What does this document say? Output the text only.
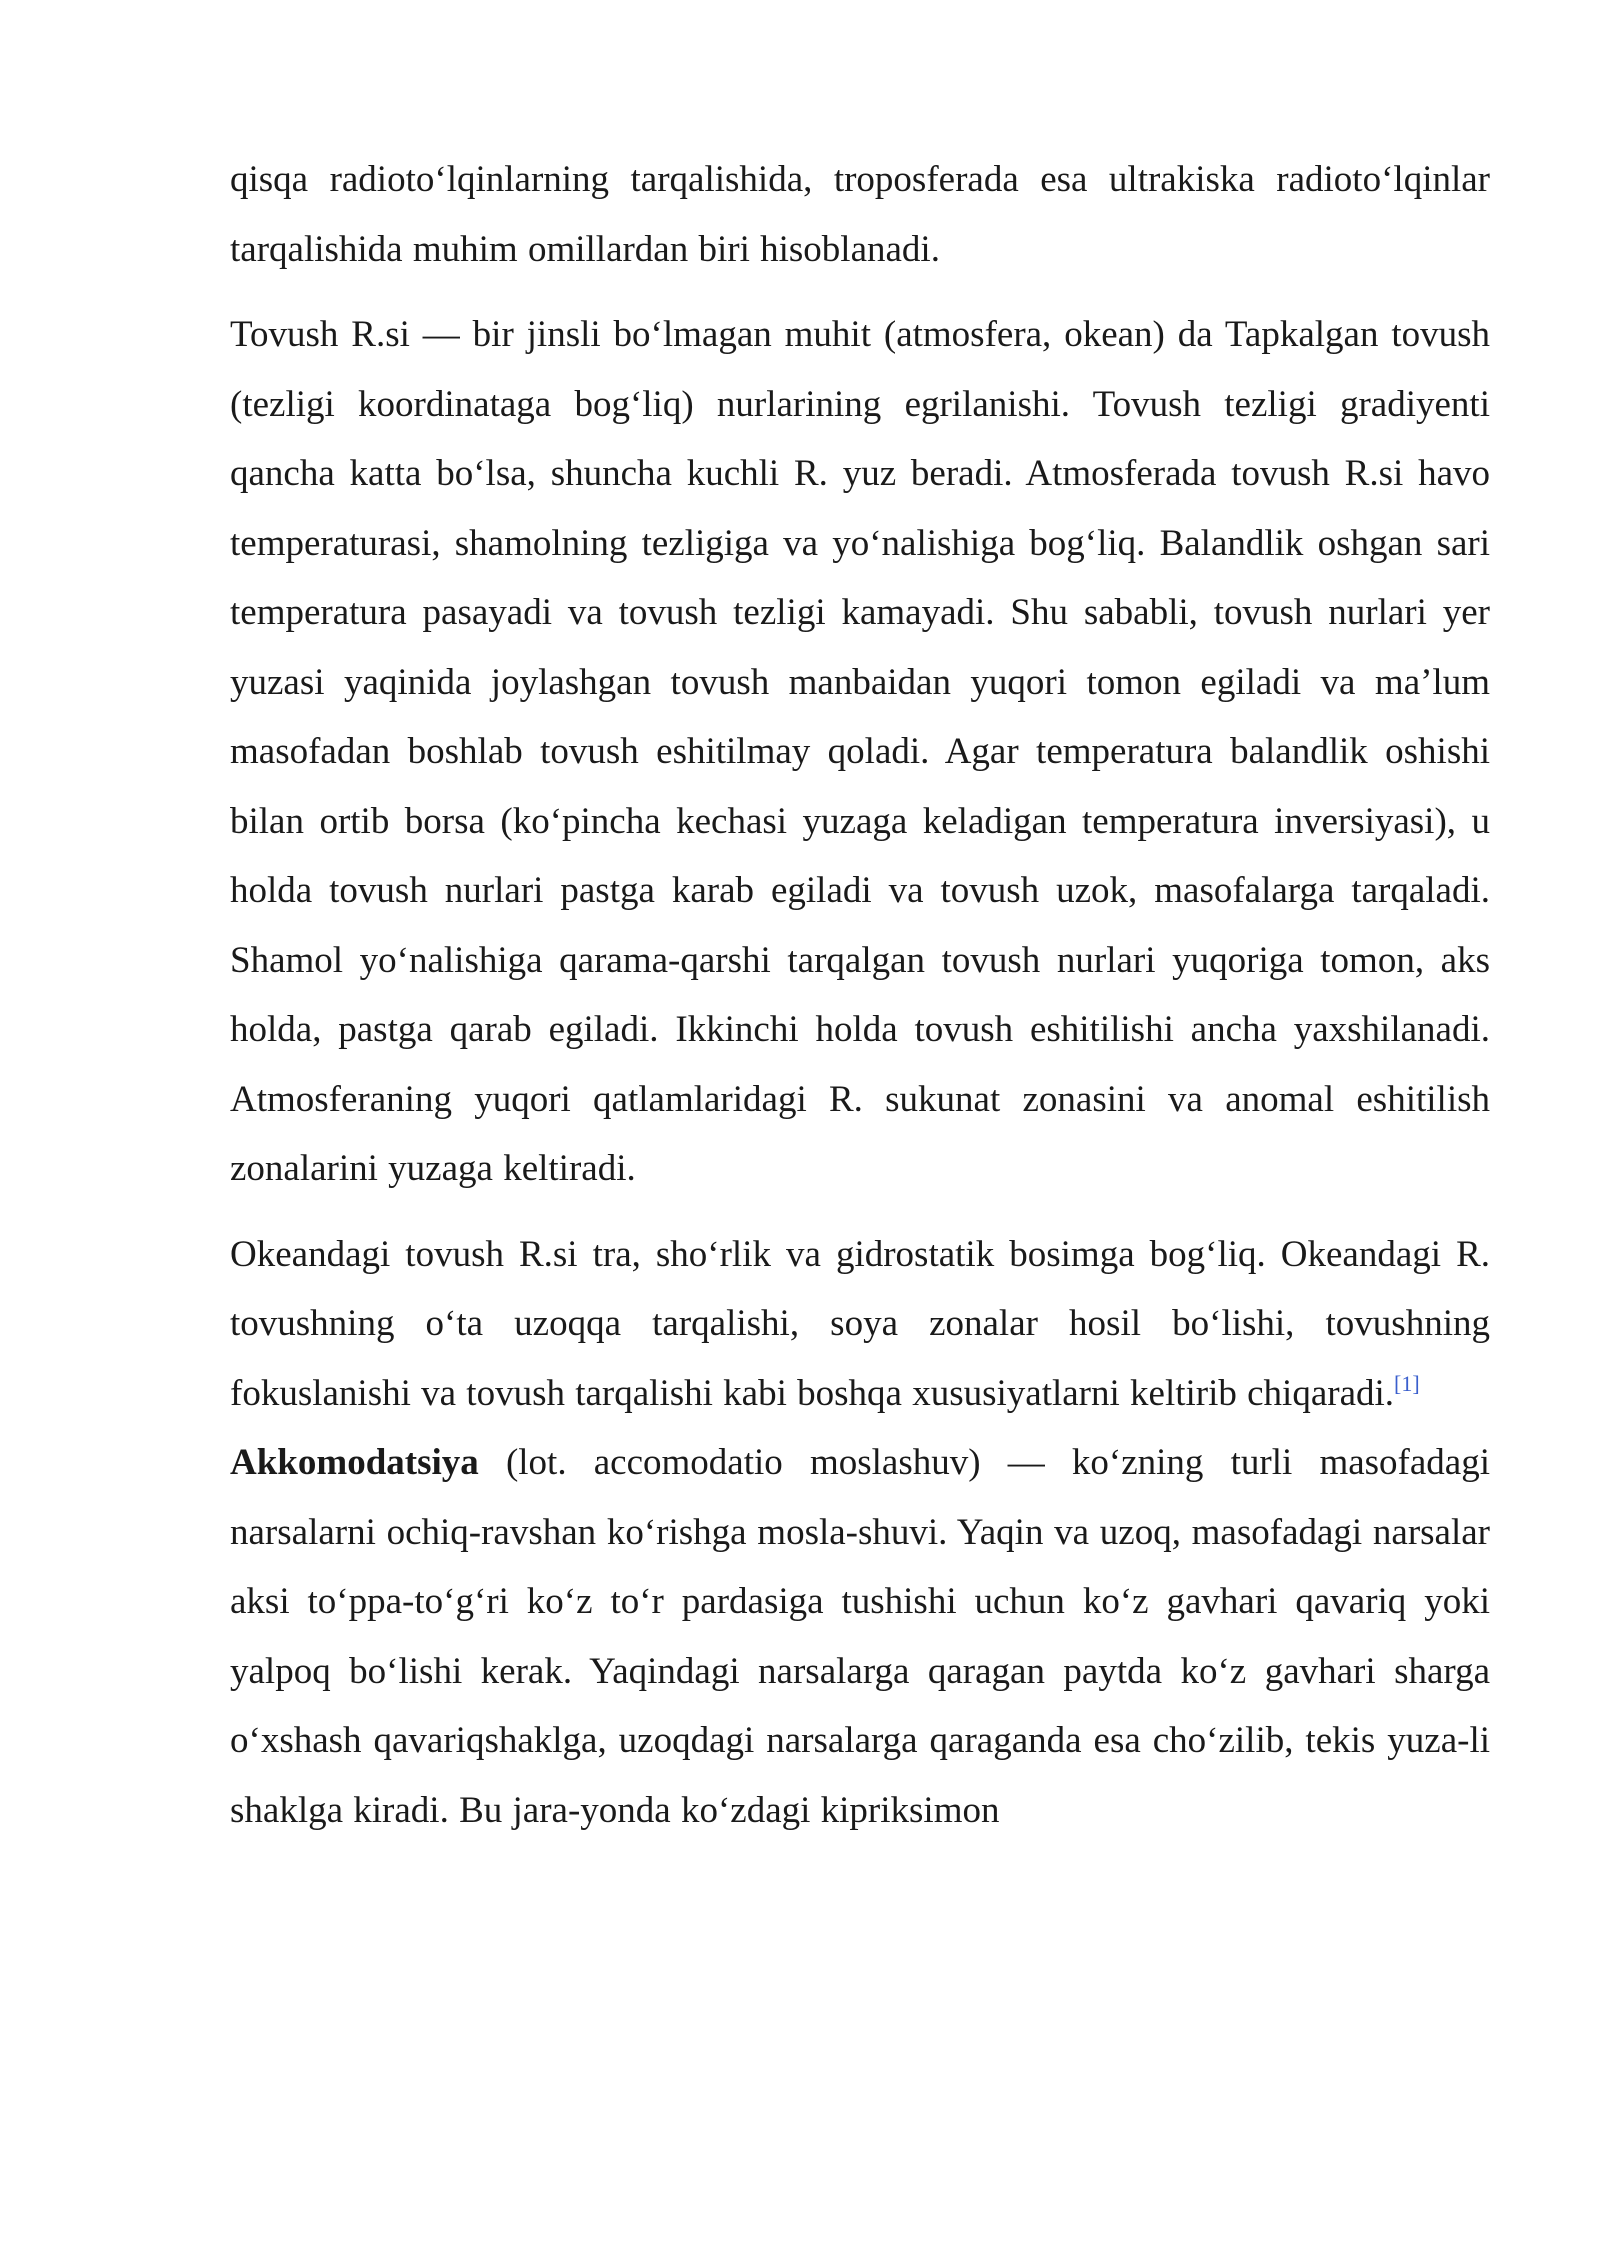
qisqa radioto‘lqinlarning tarqalishida, troposferada esa ultrakiska radioto‘lqinlar tarqalishida muhim omillardan biri hisoblanadi.

Tovush R.si — bir jinsli bo‘lmagan muhit (atmosfera, okean) da Tapkalgan tovush (tezligi koordinataga bog‘liq) nurlarining egrilanishi. Tovush tezligi gradiyenti qancha katta bo‘lsa, shuncha kuchli R. yuz beradi. Atmosferada tovush R.si havo temperaturasi, shamolning tezligiga va yo‘nalishiga bog‘liq. Balandlik oshgan sari temperatura pasayadi va tovush tezligi kamayadi. Shu sababli, tovush nurlari yer yuzasi yaqinida joylashgan tovush manbaidan yuqori tomon egiladi va ma’lum masofadan boshlab tovush eshitilmay qoladi. Agar temperatura balandlik oshishi bilan ortib borsa (ko‘pincha kechasi yuzaga keladigan temperatura inversiyasi), u holda tovush nurlari pastga karab egiladi va tovush uzok, masofalarga tarqaladi. Shamol yo‘nalishiga qarama-qarshi tarqalgan tovush nurlari yuqoriga tomon, aks holda, pastga qarab egiladi. Ikkinchi holda tovush eshitilishi ancha yaxshilanadi. Atmosferaning yuqori qatlamlaridagi R. sukunat zonasini va anomal eshitilish zonalarini yuzaga keltiradi.

Okeandagi tovush R.si tra, sho‘rlik va gidrostatik bosimga bog‘liq. Okeandagi R. tovushning o‘ta uzoqqa tarqalishi, soya zonalar hosil bo‘lishi, tovushning fokuslanishi va tovush tarqalishi kabi boshqa xususiyatlarni keltirib chiqaradi.[1]

Akkomodatsiya (lot. accomodatio moslashuv) — ko‘zning turli masofadagi narsalarni ochiq-ravshan ko‘rishga mosla-shuvi. Yaqin va uzoq, masofadagi narsalar aksi to‘ppa-to‘g‘ri ko‘z to‘r pardasiga tushishi uchun ko‘z gavhari qavariq yoki yalpoq bo‘lishi kerak. Yaqindagi narsalarga qaragan paytda ko‘z gavhari sharga o‘xshash qavariqshaklga, uzoqdagi narsalarga qaraganda esa cho‘zilib, tekis yuza-li shaklga kiradi. Bu jara-yonda ko‘zdagi kipriksimon
